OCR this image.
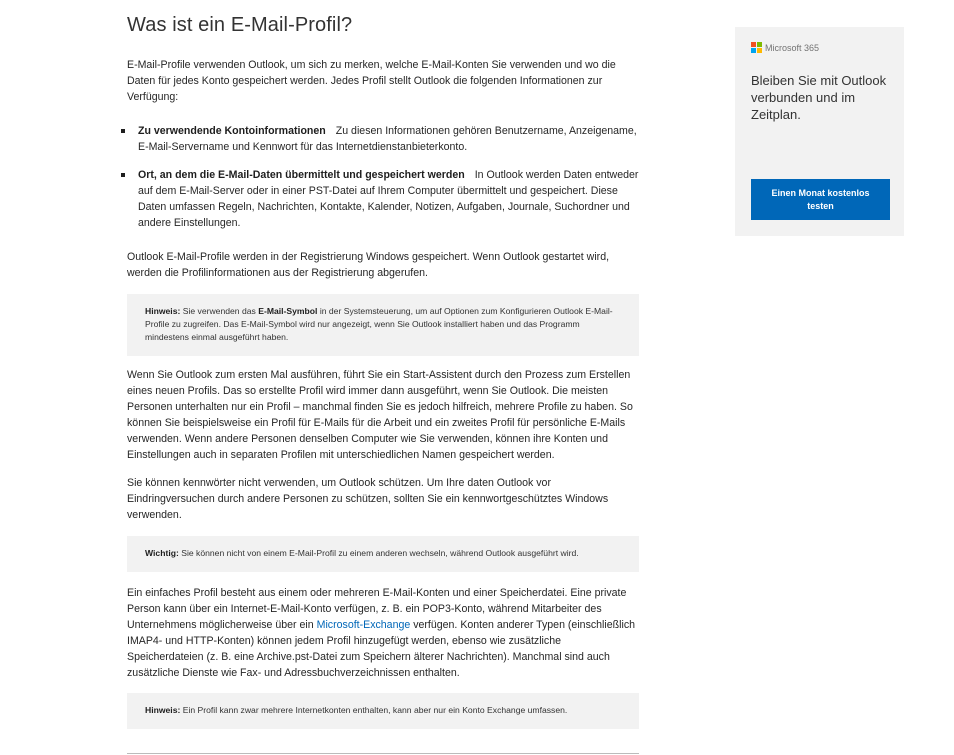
Was ist ein E-Mail-Profil?

E-Mail-Profile verwenden Outlook, um sich zu merken, welche E-Mail-Konten Sie verwenden und wo die Daten für jedes Konto gespeichert werden. Jedes Profil stellt Outlook die folgenden Informationen zur Verfügung:

Zu verwendende Kontoinformationen Zu diesen Informationen gehören Benutzername, Anzeigename, E-Mail-Servername und Kennwort für das Internetdienstanbieterkonto.
Ort, an dem die E-Mail-Daten übermittelt und gespeichert werden In Outlook werden Daten entweder auf dem E-Mail-Server oder in einer PST-Datei auf Ihrem Computer übermittelt und gespeichert. Diese Daten umfassen Regeln, Nachrichten, Kontakte, Kalender, Notizen, Aufgaben, Journale, Suchordner und andere Einstellungen.

Outlook E-Mail-Profile werden in der Registrierung Windows gespeichert. Wenn Outlook gestartet wird, werden die Profilinformationen aus der Registrierung abgerufen.

Hinweis: Sie verwenden das E-Mail-Symbol in der Systemsteuerung, um auf Optionen zum Konfigurieren Outlook E-Mail-Profile zu zugreifen. Das E-Mail-Symbol wird nur angezeigt, wenn Sie Outlook installiert haben und das Programm mindestens einmal ausgeführt haben.

Wenn Sie Outlook zum ersten Mal ausführen, führt Sie ein Start-Assistent durch den Prozess zum Erstellen eines neuen Profils. Das so erstellte Profil wird immer dann ausgeführt, wenn Sie Outlook. Die meisten Personen unterhalten nur ein Profil – manchmal finden Sie es jedoch hilfreich, mehrere Profile zu haben. So können Sie beispielsweise ein Profil für E-Mails für die Arbeit und ein zweites Profil für persönliche E-Mails verwenden. Wenn andere Personen denselben Computer wie Sie verwenden, können ihre Konten und Einstellungen auch in separaten Profilen mit unterschiedlichen Namen gespeichert werden.

Sie können kennwörter nicht verwenden, um Outlook schützen. Um Ihre daten Outlook vor Eindringversuchen durch andere Personen zu schützen, sollten Sie ein kennwortgeschütztes Windows verwenden.

Wichtig: Sie können nicht von einem E-Mail-Profil zu einem anderen wechseln, während Outlook ausgeführt wird.

Ein einfaches Profil besteht aus einem oder mehreren E-Mail-Konten und einer Speicherdatei. Eine private Person kann über ein Internet-E-Mail-Konto verfügen, z. B. ein POP3-Konto, während Mitarbeiter des Unternehmens möglicherweise über ein Microsoft-Exchange verfügen. Konten anderer Typen (einschließlich IMAP4- und HTTP-Konten) können jedem Profil hinzugefügt werden, ebenso wie zusätzliche Speicherdateien (z. B. eine Archive.pst-Datei zum Speichern älterer Nachrichten). Manchmal sind auch zusätzliche Dienste wie Fax- und Adressbuchverzeichnissen enthalten.

Hinweis: Ein Profil kann zwar mehrere Internetkonten enthalten, kann aber nur ein Konto Exchange umfassen.
Microsoft 365
Bleiben Sie mit Outlook verbunden und im Zeitplan.
Einen Monat kostenlos testen
